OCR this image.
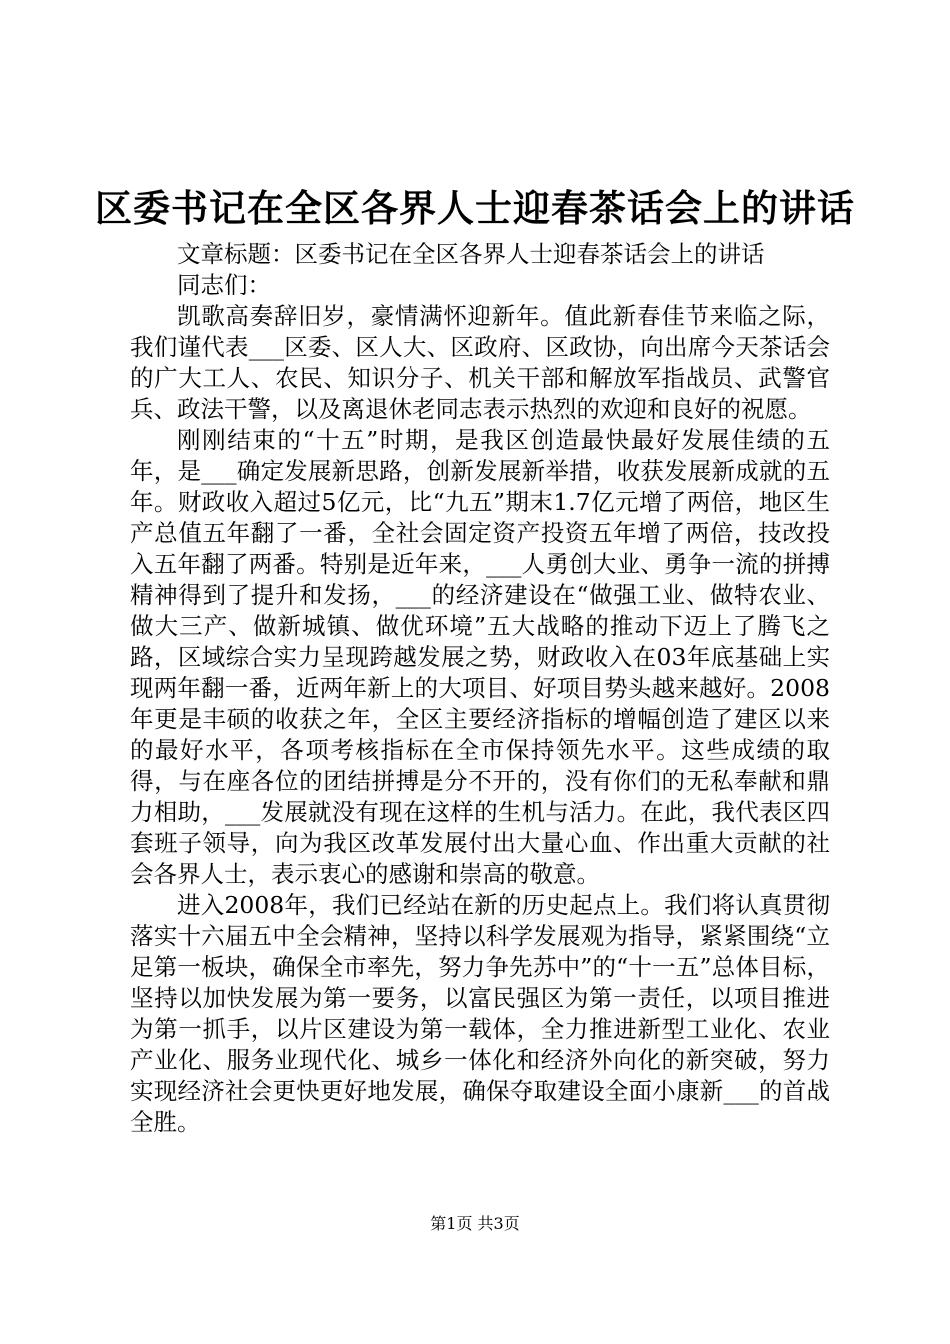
区委书记在全区各界人士迎春茶话会上的讲话

文章标题：区委书记在全区各界人士迎春茶话会上的讲话

同志们：

凯歌高奏辞旧岁，豪情满怀迎新年。值此新春佳节来临之际，我们谨代表___区委、区人大、区政府、区政协，向出席今天茶话会的广大工人、农民、知识分子、机关干部和解放军指战员、武警官兵、政法干警，以及离退休老同志表示热烈的欢迎和良好的祝愿。

刚刚结束的“十五”时期，是我区创造最快最好发展佳绩的五年，是___确定发展新思路，创新发展新举措，收获发展新成就的五年。财政收入超过5亿元，比“九五”期末1.7亿元增了两倍，地区生产总值五年翻了一番，全社会固定资产投资五年增了两倍，技改投入五年翻了两番。特别是近年来，___人勇创大业、勇争一流的拼搏精神得到了提升和发扬，___的经济建设在“做强工业、做特农业、做大三产、做新城镇、做优环境”五大战略的推动下迈上了腾飞之路，区域综合实力呈现跨越发展之势，财政收入在03年底基础上实现两年翻一番，近两年新上的大项目、好项目势头越来越好。2008年更是丰硕的收获之年，全区主要经济指标的增幅创造了建区以来的最好水平，各项考核指标在全市保持领先水平。这些成绩的取得，与在座各位的团结拼搏是分不开的，没有你们的无私奉献和鼎力相助，___发展就没有现在这样的生机与活力。在此，我代表区四套班子领导，向为我区改革发展付出大量心血、作出重大贡献的社会各界人士，表示衷心的感谢和崇高的敬意。

进入2008年，我们已经站在新的历史起点上。我们将认真贯彻落实十六届五中全会精神，坚持以科学发展观为指导，紧紧围绕“立足第一板块，确保全市率先，努力争先苏中”的“十一五”总体目标，坚持以加快发展为第一要务，以富民强区为第一责任，以项目推进为第一抓手，以片区建设为第一载体，全力推进新型工业化、农业产业化、服务业现代化、城乡一体化和经济外向化的新突破，努力实现经济社会更快更好地发展，确保夺取建设全面小康新___的首战全胜。

第1页 共3页
